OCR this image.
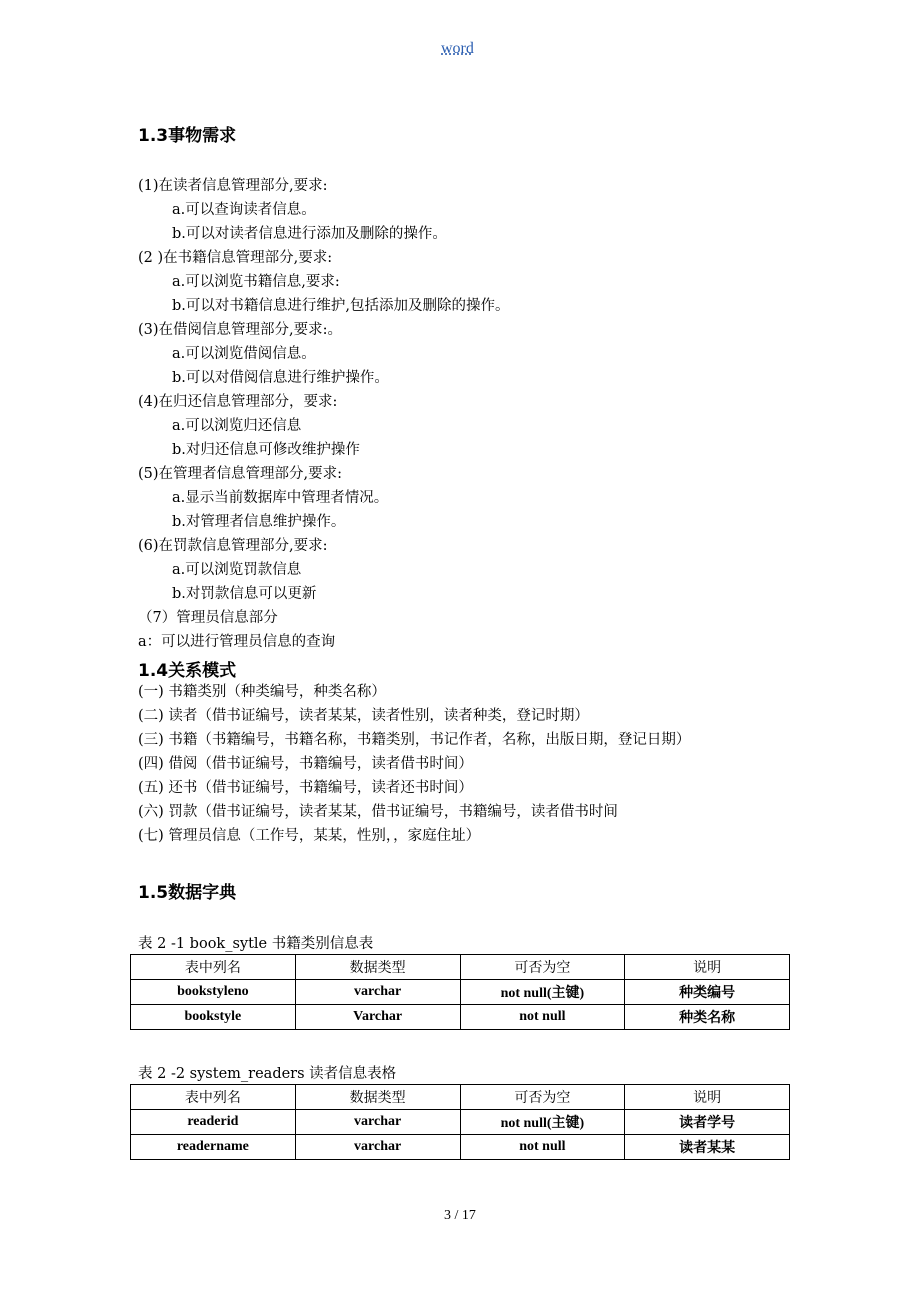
word
1.3事物需求
(1)在读者信息管理部分,要求:
a.可以查询读者信息。
b.可以对读者信息进行添加及删除的操作。
(2 )在书籍信息管理部分,要求:
a.可以浏览书籍信息,要求:
b.可以对书籍信息进行维护,包括添加及删除的操作。
(3)在借阅信息管理部分,要求:。
a.可以浏览借阅信息。
b.可以对借阅信息进行维护操作。
(4)在归还信息管理部分，要求:
a.可以浏览归还信息
b.对归还信息可修改维护操作
(5)在管理者信息管理部分,要求:
a.显示当前数据库中管理者情况。
b.对管理者信息维护操作。
(6)在罚款信息管理部分,要求:
a.可以浏览罚款信息
b.对罚款信息可以更新
（7）管理员信息部分
a：可以进行管理员信息的查询
1.4关系模式
(一) 书籍类别（种类编号，种类名称）
(二) 读者（借书证编号，读者某某，读者性别，读者种类，登记时期）
(三) 书籍（书籍编号，书籍名称，书籍类别，书记作者，名称，出版日期，登记日期）
(四) 借阅（借书证编号，书籍编号，读者借书时间）
(五) 还书（借书证编号，书籍编号，读者还书时间）
(六) 罚款（借书证编号，读者某某，借书证编号，书籍编号，读者借书时间
(七) 管理员信息（工作号，某某，性别，，家庭住址）
1.5数据字典
表 2 -1 book_sytle 书籍类别信息表
表中列名	数据类型	可否为空	说明
bookstyleno	varchar	not null(主键)	种类编号
bookstyle	Varchar	not null	种类名称
表 2 -2 system_readers 读者信息表格
表中列名	数据类型	可否为空	说明
readerid	varchar	not null(主键)	读者学号
readername	varchar	not null	读者某某
3 / 17
